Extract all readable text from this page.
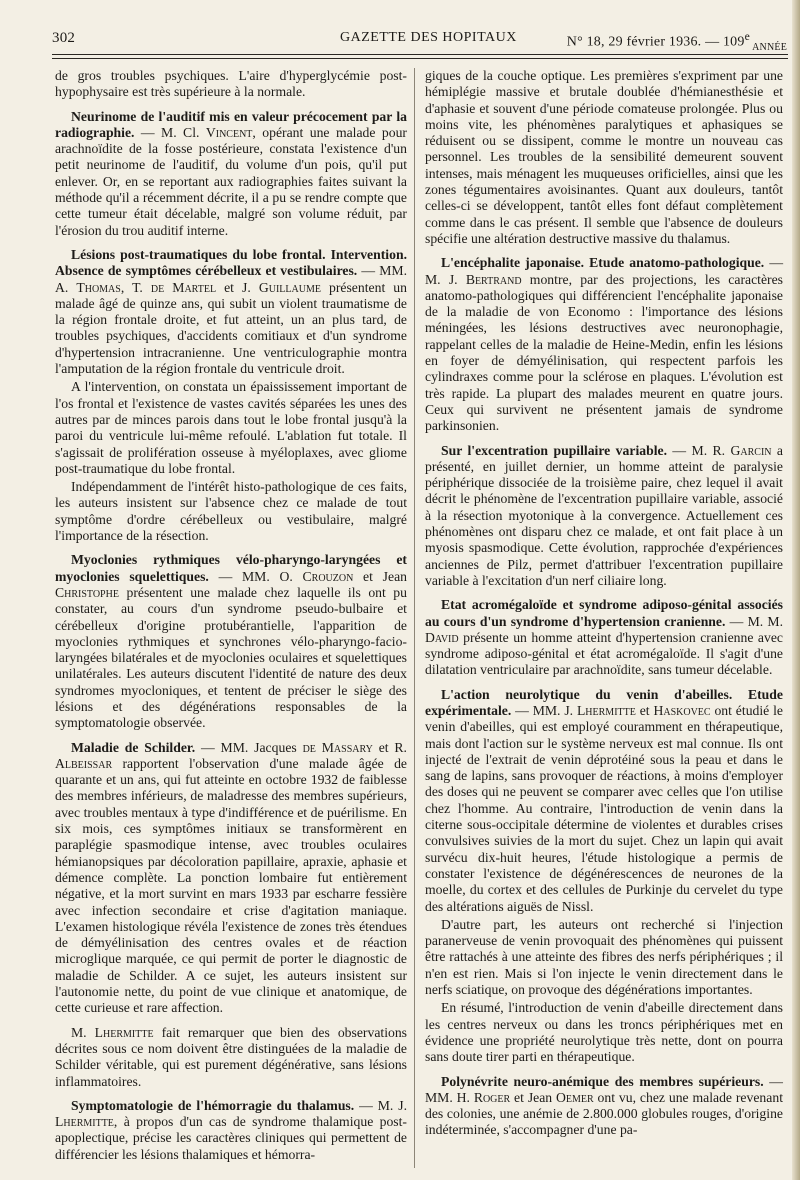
302	GAZETTE DES HOPITAUX	N° 18, 29 février 1936. — 109e $_{ANNÉE}$

de gros troubles psychiques. L'aire d'hyperglycémie post-hypophysaire est très supérieure à la normale.

Neurinome de l'auditif mis en valeur précocement par la radiographie. — M. Cl. Vincent, opérant une malade pour arachnoïdite de la fosse postérieure, constata l'existence d'un petit neurinome de l'auditif, du volume d'un pois, qu'il put enlever. Or, en se reportant aux radiographies faites suivant la méthode qu'il a récemment décrite, il a pu se rendre compte que cette tumeur était décelable, malgré son volume réduit, par l'érosion du trou auditif interne.

Lésions post-traumatiques du lobe frontal. Intervention. Absence de symptômes cérébelleux et vestibulaires. — MM. A. Thomas, T. de Martel et J. Guillaume présentent un malade âgé de quinze ans, qui subit un violent traumatisme de la région frontale droite, et fut atteint, un an plus tard, de troubles psychiques, d'accidents comitiaux et d'un syndrome d'hypertension intracranienne. Une ventriculographie montra l'amputation de la région frontale du ventricule droit.

A l'intervention, on constata un épaississement important de l'os frontal et l'existence de vastes cavités séparées les unes des autres par de minces parois dans tout le lobe frontal jusqu'à la paroi du ventricule lui-même refoulé. L'ablation fut totale. Il s'agissait de prolifération osseuse à myéloplaxes, avec gliome post-traumatique du lobe frontal.

Indépendamment de l'intérêt histo-pathologique de ces faits, les auteurs insistent sur l'absence chez ce malade de tout symptôme d'ordre cérébelleux ou vestibulaire, malgré l'importance de la résection.

Myoclonies rythmiques vélo-pharyngo-laryngées et myoclonies squelettiques. — MM. O. Crouzon et Jean Christophe présentent une malade chez laquelle ils ont pu constater, au cours d'un syndrome pseudo-bulbaire et cérébelleux d'origine protubérantielle, l'apparition de myoclonies rythmiques et synchrones vélo-pharyngo-facio-laryngées bilatérales et de myoclonies oculaires et squelettiques unilatérales. Les auteurs discutent l'identité de nature des deux syndromes myocloniques, et tentent de préciser le siège des lésions et des dégénérations responsables de la symptomatologie observée.

Maladie de Schilder. — MM. Jacques de Massary et R. Albeissar rapportent l'observation d'une malade âgée de quarante et un ans, qui fut atteinte en octobre 1932 de faiblesse des membres inférieurs, de maladresse des membres supérieurs, avec troubles mentaux à type d'indifférence et de puérilisme. En six mois, ces symptômes initiaux se transformèrent en paraplégie spasmodique intense, avec troubles oculaires hémianopsiques par décoloration papillaire, apraxie, aphasie et démence complète. La ponction lombaire fut entièrement négative, et la mort survint en mars 1933 par escharre fessière avec infection secondaire et crise d'agitation maniaque. L'examen histologique révéla l'existence de zones très étendues de démyélinisation des centres ovales et de réaction microglique marquée, ce qui permit de porter le diagnostic de maladie de Schilder. A ce sujet, les auteurs insistent sur l'autonomie nette, du point de vue clinique et anatomique, de cette curieuse et rare affection.

M. Lhermitte fait remarquer que bien des observations décrites sous ce nom doivent être distinguées de la maladie de Schilder véritable, qui est purement dégénérative, sans lésions inflammatoires.

Symptomatologie de l'hémorragie du thalamus. — M. J. Lhermitte, à propos d'un cas de syndrome thalamique post-apoplectique, précise les caractères cliniques qui permettent de différencier les lésions thalamiques et hémorra-

giques de la couche optique. Les premières s'expriment par une hémiplégie massive et brutale doublée d'hémianesthésie et d'aphasie et souvent d'une période comateuse prolongée. Plus ou moins vite, les phénomènes paralytiques et aphasiques se réduisent ou se dissipent, comme le montre un nouveau cas personnel. Les troubles de la sensibilité demeurent souvent intenses, mais ménagent les muqueuses orificielles, ainsi que les zones tégumentaires avoisinantes. Quant aux douleurs, tantôt celles-ci se développent, tantôt elles font défaut complètement comme dans le cas présent. Il semble que l'absence de douleurs spécifie une altération destructive massive du thalamus.

L'encéphalite japonaise. Etude anatomo-pathologique. — M. J. Bertrand montre, par des projections, les caractères anatomo-pathologiques qui différencient l'encéphalite japonaise de la maladie de von Economo : l'importance des lésions méningées, les lésions destructives avec neuronophagie, rappelant celles de la maladie de Heine-Medin, enfin les lésions en foyer de démyélinisation, qui respectent parfois les cylindraxes comme pour la sclérose en plaques. L'évolution est très rapide. La plupart des malades meurent en quatre jours. Ceux qui survivent ne présentent jamais de syndrome parkinsonien.

Sur l'excentration pupillaire variable. — M. R. Garcin a présenté, en juillet dernier, un homme atteint de paralysie périphérique dissociée de la troisième paire, chez lequel il avait décrit le phénomène de l'excentration pupillaire variable, associé à la résection myotonique à la convergence. Actuellement ces phénomènes ont disparu chez ce malade, et ont fait place à un myosis spasmodique. Cette évolution, rapprochée d'expériences anciennes de Pilz, permet d'attribuer l'excentration pupillaire variable à l'excitation d'un nerf ciliaire long.

Etat acromégaloïde et syndrome adiposo-génital associés au cours d'un syndrome d'hypertension cranienne. — M. M. David présente un homme atteint d'hypertension cranienne avec syndrome adiposo-génital et état acromégaloïde. Il s'agit d'une dilatation ventriculaire par arachnoïdite, sans tumeur décelable.

L'action neurolytique du venin d'abeilles. Etude expérimentale. — MM. J. Lhermitte et Haskovec ont étudié le venin d'abeilles, qui est employé couramment en thérapeutique, mais dont l'action sur le système nerveux est mal connue. Ils ont injecté de l'extrait de venin déprotéiné sous la peau et dans le sang de lapins, sans provoquer de réactions, à moins d'employer des doses qui ne peuvent se comparer avec celles que l'on utilise chez l'homme. Au contraire, l'introduction de venin dans la citerne sous-occipitale détermine de violentes et durables crises convulsives suivies de la mort du sujet. Chez un lapin qui avait survécu dix-huit heures, l'étude histologique a permis de constater l'existence de dégénérescences de neurones de la moelle, du cortex et des cellules de Purkinje du cervelet du type des altérations aiguës de Nissl.

D'autre part, les auteurs ont recherché si l'injection paranerveuse de venin provoquait des phénomènes qui puissent être rattachés à une atteinte des fibres des nerfs périphériques ; il n'en est rien. Mais si l'on injecte le venin directement dans le nerfs sciatique, on provoque des dégénérations importantes.

En résumé, l'introduction de venin d'abeille directement dans les centres nerveux ou dans les troncs périphériques met en évidence une propriété neurolytique très nette, dont on pourra sans doute tirer parti en thérapeutique.

Polynévrite neuro-anémique des membres supérieurs. — MM. H. Roger et Jean Oemer ont vu, chez une malade revenant des colonies, une anémie de 2.800.000 globules rouges, d'origine indéterminée, s'accompagner d'une pa-
